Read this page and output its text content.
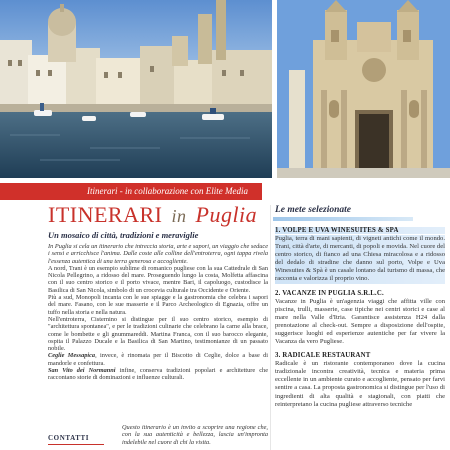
Itinerari - in collaborazione con Elite Media
ITINERARI in Puglia
Un mosaico di città, tradizioni e meraviglie

In Puglia si cela un itinerario che intreccia storia, arte e sapori, un viaggio che seduce i sensi e arricchisce l'anima. Dalle coste alle colline dell'entroterra, ogni tappa rivela l'essenza autentica di una terra generosa e accogliente.

A nord, Trani è un esempio sublime di romanico pugliese con la sua Cattedrale di San Nicola Pellegrino, a ridosso del mare. Proseguendo lungo la costa, Molfetta affascina con il suo centro storico e il porto vivace, mentre Bari, il capoluogo, custodisce la Basilica di San Nicola, simbolo di un crocevia culturale tra Occidente e Oriente.

Più a sud, Monopoli incanta con le sue spiagge e la gastronomia che celebra i sapori del mare. Fasano, con le sue masserie e il Parco Archeologico di Egnazia, offre un tuffo nella storia e nella natura.

Nell'entroterra, Cisternino si distingue per il suo centro storico, esempio di "architettura spontanea", e per le tradizioni culinarie che celebrano la carne alla brace, come le bombette e gli gnummareddi. Martina Franca, con il suo barocco elegante, ospita il Palazzo Ducale e la Basilica di San Martino, testimonianze di un passato nobile.

Ceglie Messapica, invece, è rinomata per il Biscotto di Ceglie, dolce a base di mandorle e confettura.

San Vito dei Normanni infine, conserva tradizioni popolari e architetture che raccontano storie di dominazioni e influenze culturali.

CONTATTI
Questo itinerario è un invito a scoprire una regione che, con la sua autenticità e bellezza, lascia un'impronta indelebile nel cuore di chi la visita.
Le mete selezionate
1. VOLPE E UVA WINESUITES & SPA
Puglia, terra di mani sapienti, di vigneti antichi come il mondo. Trani, città d'arte, di mercanti, di popoli e movida. Nel cuore del centro storico, di fianco ad una Chiesa miracolosa e a ridosso del dedalo di stradine che danno sul porto, Volpe e Uva Winesuites & Spà è un casale lontano dal turismo di massa, che racconta e valorizza il proprio vino.
2. VACANZE IN PUGLIA S.R.L.C.
Vacanze in Puglia è un'agenzia viaggi che affitta ville con piscina, trulli, masserie, case tipiche nei centri storici e case al mare nella Valle d'Itria. Garantisce assistenza H24 dalla prenotazione al check-out. Sempre a disposizione dell'ospite, suggerisce luoghi ed esperienze autentiche per far vivere la Vacanza da vero Pugliese.
3. RADICALE RESTAURANT
Radicale è un ristorante contemporaneo dove la cucina tradizionale incontra creatività, tecnica e materia prima eccellente in un ambiente curato e accogliente, pensato per farvi sentire a casa. La proposta gastronomica si distingue per l'uso di ingredienti di alta qualità e stagionali, con piatti che reinterpretano la cucina pugliese attraverso tecniche
